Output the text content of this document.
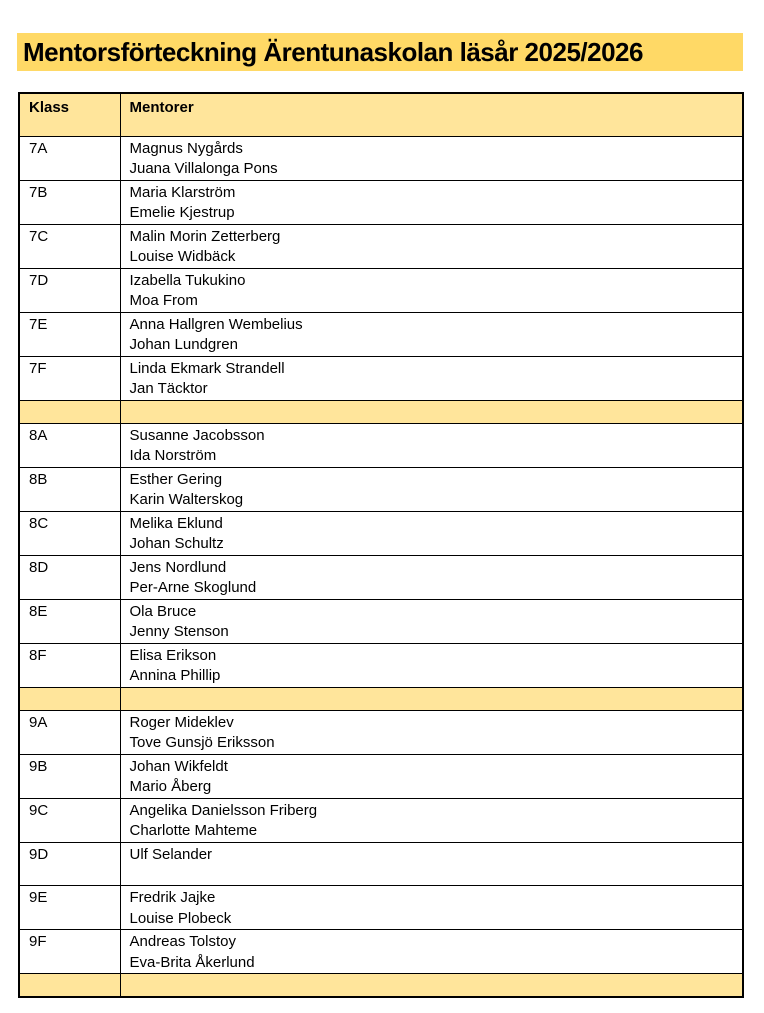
Mentorsförteckning Ärentunaskolan läsår 2025/2026
Klass	Mentorer
7A	Magnus Nygårds
Juana Villalonga Pons

7B	Maria Klarström
Emelie Kjestrup

7C	Malin Morin Zetterberg
Louise Widbäck

7D	Izabella Tukukino
Moa From

7E	Anna Hallgren Wembelius
Johan Lundgren

7F	Linda Ekmark Strandell
Jan Täcktor

8A	Susanne Jacobsson
Ida Norström

8B	Esther Gering
Karin Walterskog

8C	Melika Eklund
Johan Schultz

8D	Jens Nordlund
Per-Arne Skoglund

8E	Ola Bruce
Jenny Stenson

8F	Elisa Erikson
Annina Phillip

9A	Roger Mideklev
Tove Gunsjö Eriksson

9B	Johan Wikfeldt
Mario Åberg

9C	Angelika Danielsson Friberg
Charlotte Mahteme

9D	Ulf Selander

9E	Fredrik Jajke
Louise Plobeck

9F	Andreas Tolstoy
Eva-Brita Åkerlund
